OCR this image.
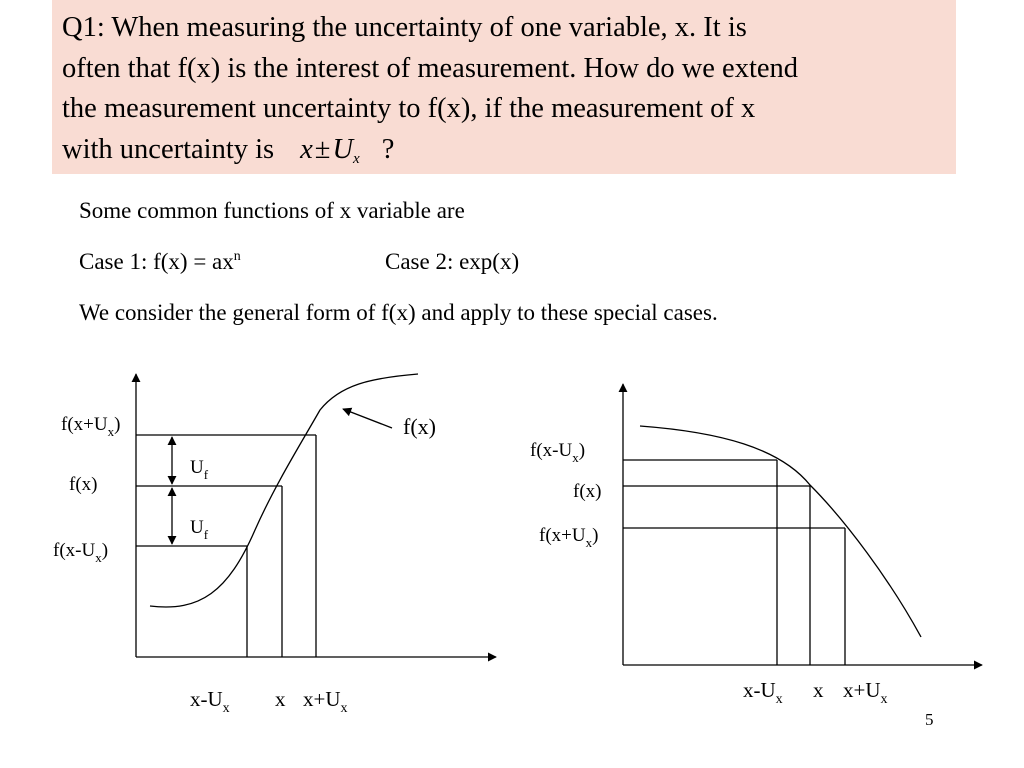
Q1: When measuring the uncertainty of one variable, x. It is

often that f(x) is the interest of measurement. How do we extend

the measurement uncertainty to f(x), if the measurement of x

with uncertainty is $x\pm U_x$ ?

Some common functions of x variable are
Case 1: $f(x) = ax^n$	Case 2: exp(x)
We consider the general form of f(x) and apply to these special cases.
$f(x+U_x)$
f(x)
$f(x-U_x)$
$U_f$
$U_f$
f(x)
$x-U_x$ x $x+U_x$
$f(x-U_x)$
f(x)
$f(x+U_x)$
$x-U_x$ x $x+U_x$
5
